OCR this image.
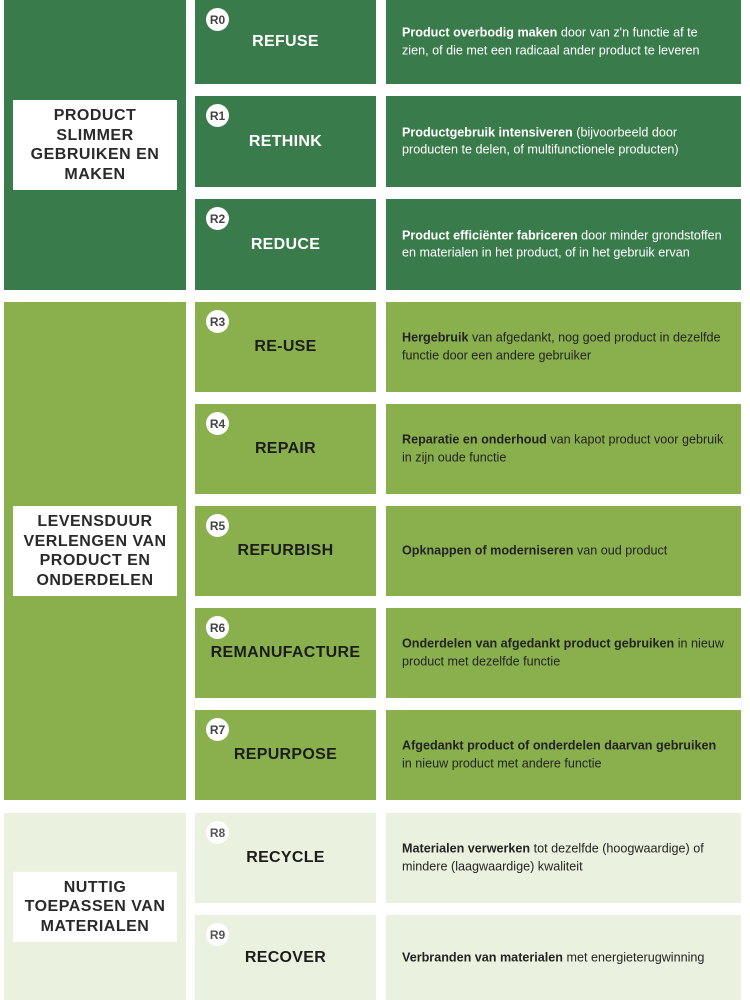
PRODUCT SLIMMER GEBRUIKEN EN MAKEN
LEVENSDUUR VERLENGEN VAN PRODUCT EN ONDERDELEN
NUTTIG TOEPASSEN VAN MATERIALEN
R0
REFUSE
Product overbodig maken door van z'n functie af te zien, of die met een radicaal ander product te leveren
R1
RETHINK
Productgebruik intensiveren (bijvoorbeeld door producten te delen, of multifunctionele producten)
R2
REDUCE
Product efficiënter fabriceren door minder grondstoffen en materialen in het product, of in het gebruik ervan
R3
RE-USE
Hergebruik van afgedankt, nog goed product in dezelfde functie door een andere gebruiker
R4
REPAIR
Reparatie en onderhoud van kapot product voor gebruik in zijn oude functie
R5
REFURBISH	Opknappen of moderniseren van oud product
R6
REMANUFACTURE
Onderdelen van afgedankt product gebruiken in nieuw product met dezelfde functie
R7
REPURPOSE
Afgedankt product of onderdelen daarvan gebruiken in nieuw product met andere functie
R8
RECYCLE
Materialen verwerken tot dezelfde (hoogwaardige) of mindere (laagwaardige) kwaliteit
R9
RECOVER	Verbranden van materialen met energieterugwinning
